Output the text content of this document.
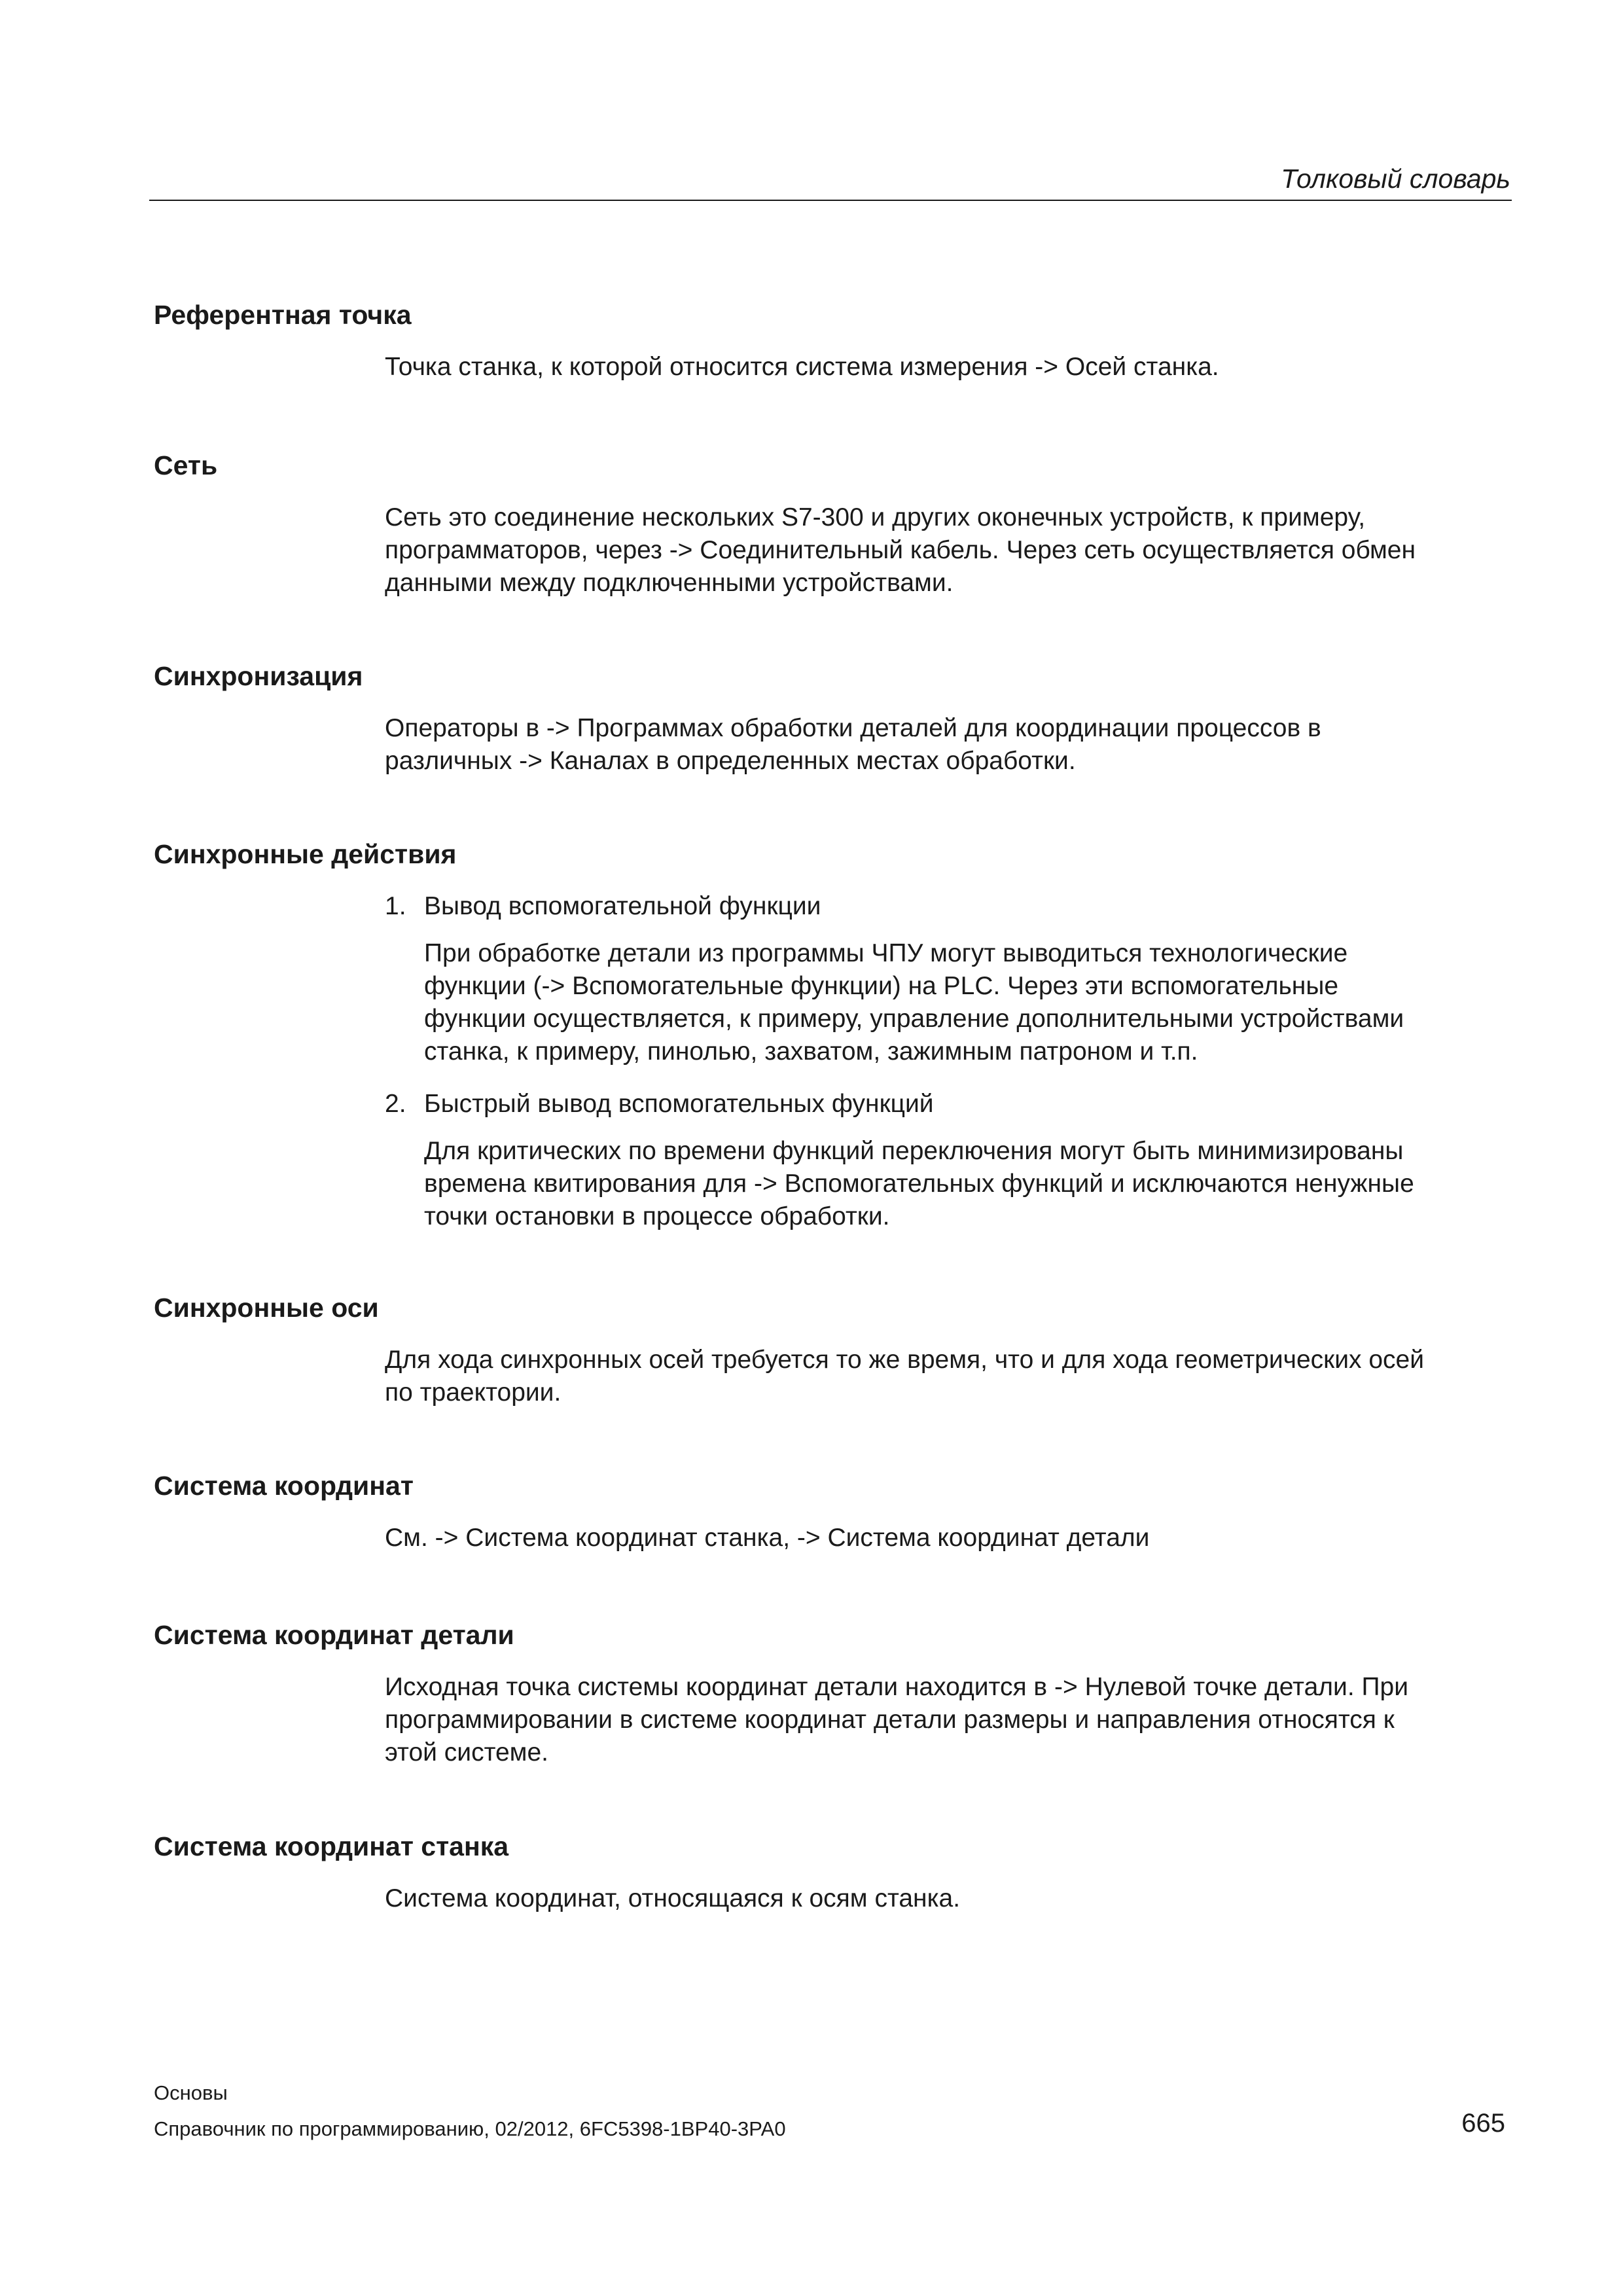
Толковый словарь
Референтная точка
Точка станка, к которой относится система измерения -> Осей станка.
Сеть

Сеть это соединение нескольких S7-300 и других оконечных устройств, к примеру,

программаторов, через -> Соединительный кабель. Через сеть осуществляется обмен

данными между подключенными устройствами.

Синхронизация

Операторы в -> Программах обработки деталей для координации процессов в

различных -> Каналах в определенных местах обработки.

Синхронные действия
1. Вывод вспомогательной функции

При обработке детали из программы ЧПУ могут выводиться технологические

функции (-> Вспомогательные функции) на PLC. Через эти вспомогательные

функции осуществляется, к примеру, управление дополнительными устройствами

станка, к примеру, пинолью, захватом, зажимным патроном и т.п.

2. Быстрый вывод вспомогательных функций

Для критических по времени функций переключения могут быть минимизированы

времена квитирования для -> Вспомогательных функций и исключаются ненужные

точки остановки в процессе обработки.

Синхронные оси

Для хода синхронных осей требуется то же время, что и для хода геометрических осей

по траектории.

Система координат
См. -> Система координат станка, -> Система координат детали
Система координат детали

Исходная точка системы координат детали находится в -> Нулевой точке детали. При

программировании в системе координат детали размеры и направления относятся к

этой системе.

Система координат станка
Система координат, относящаяся к осям станка.
Основы
Справочник по программированию, 02/2012, 6FC5398-1BP40-3PA0	665
